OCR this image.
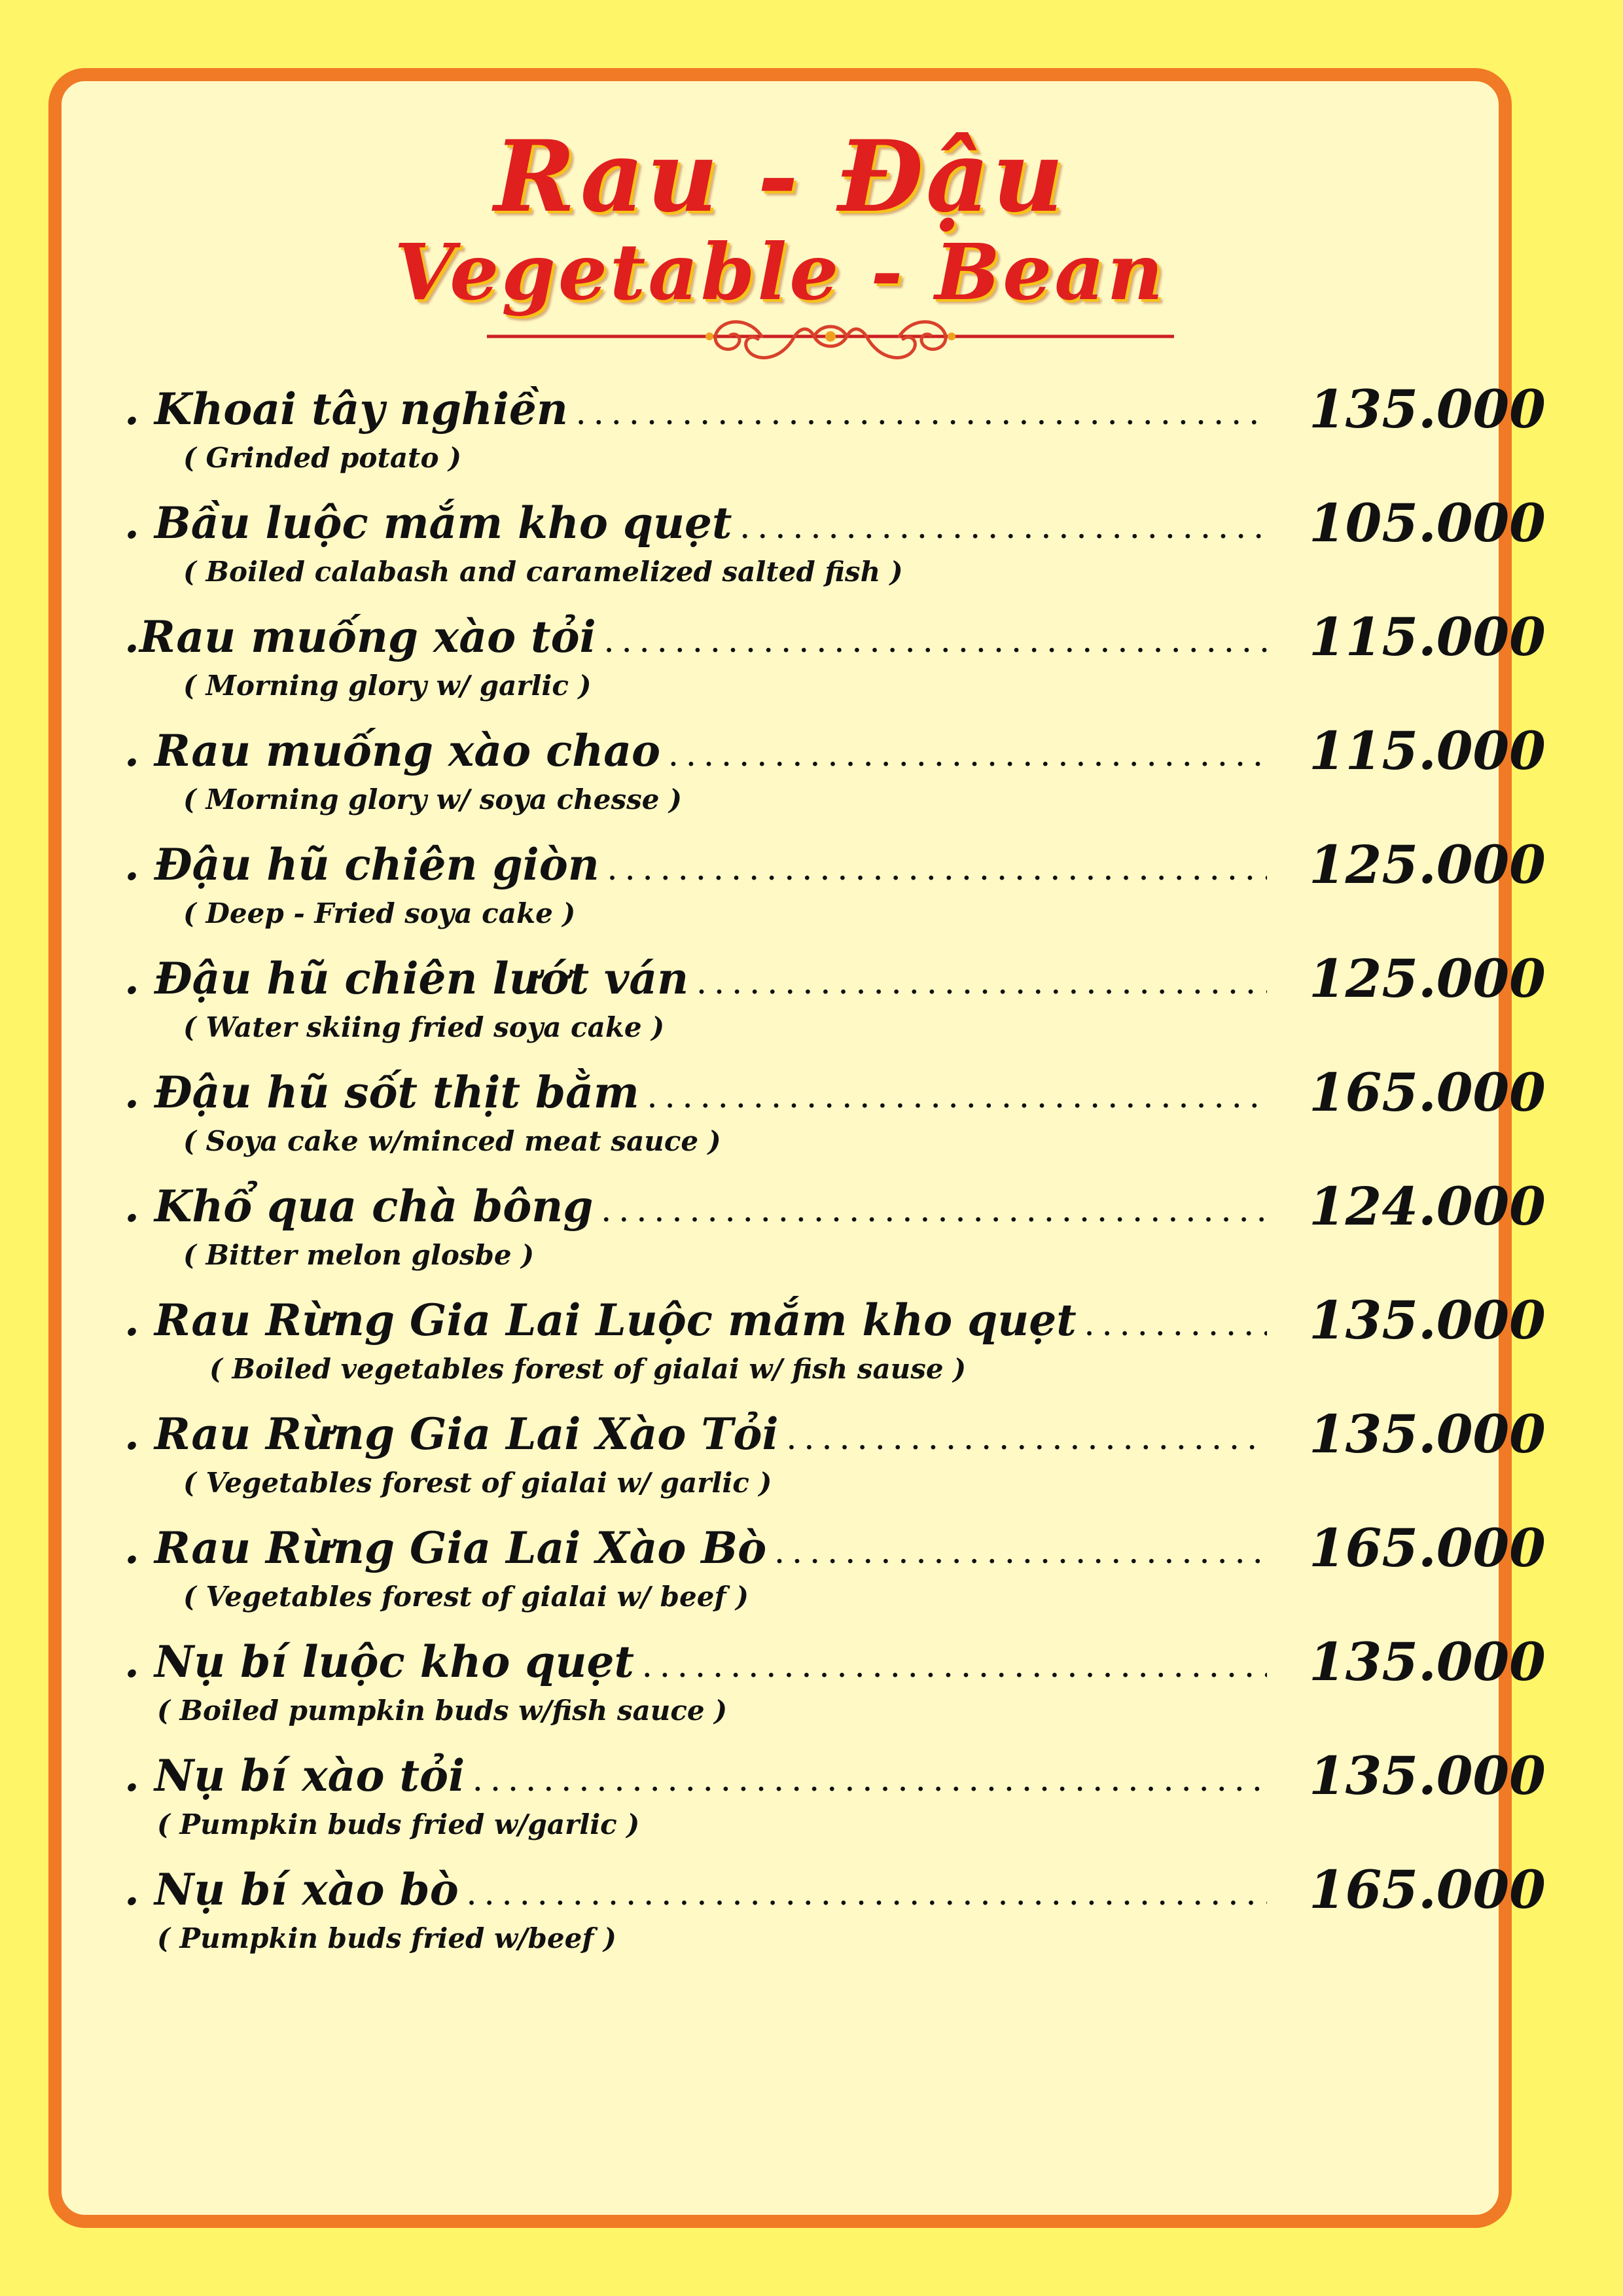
Rau - Đậu
Vegetable - Bean
. Khoai tây nghiền . . .	135.000
( Grinded potato )
. Bầu luộc mắm kho quẹt . . .	105.000
( Boiled calabash and caramelized salted fish )
.Rau muống xào tỏi . . .	115.000
( Morning glory w/ garlic )
. Rau muống xào chao . . .	115.000
( Morning glory w/ soya chesse )
. Đậu hũ chiên giòn . . .	125.000
( Deep - Fried soya cake )
. Đậu hũ chiên lướt ván . . .	125.000
( Water skiing fried soya cake )
. Đậu hũ sốt thịt bằm . . .	165.000
( Soya cake w/minced meat sauce )
. Khổ qua chà bông . . .	124.000
( Bitter melon glosbe )
. Rau Rừng Gia Lai Luộc mắm kho quẹt . . .	135.000
( Boiled vegetables forest of gialai w/ fish sause )
. Rau Rừng Gia Lai Xào Tỏi . . .	135.000
( Vegetables forest of gialai w/ garlic )
. Rau Rừng Gia Lai Xào Bò . . .	165.000
( Vegetables forest of gialai w/ beef )
. Nụ bí luộc kho quẹt . . .	135.000
( Boiled pumpkin buds w/fish sauce )
. Nụ bí xào tỏi . . .	135.000
( Pumpkin buds fried w/garlic )
. Nụ bí xào bò . . .	165.000
( Pumpkin buds fried w/beef )
